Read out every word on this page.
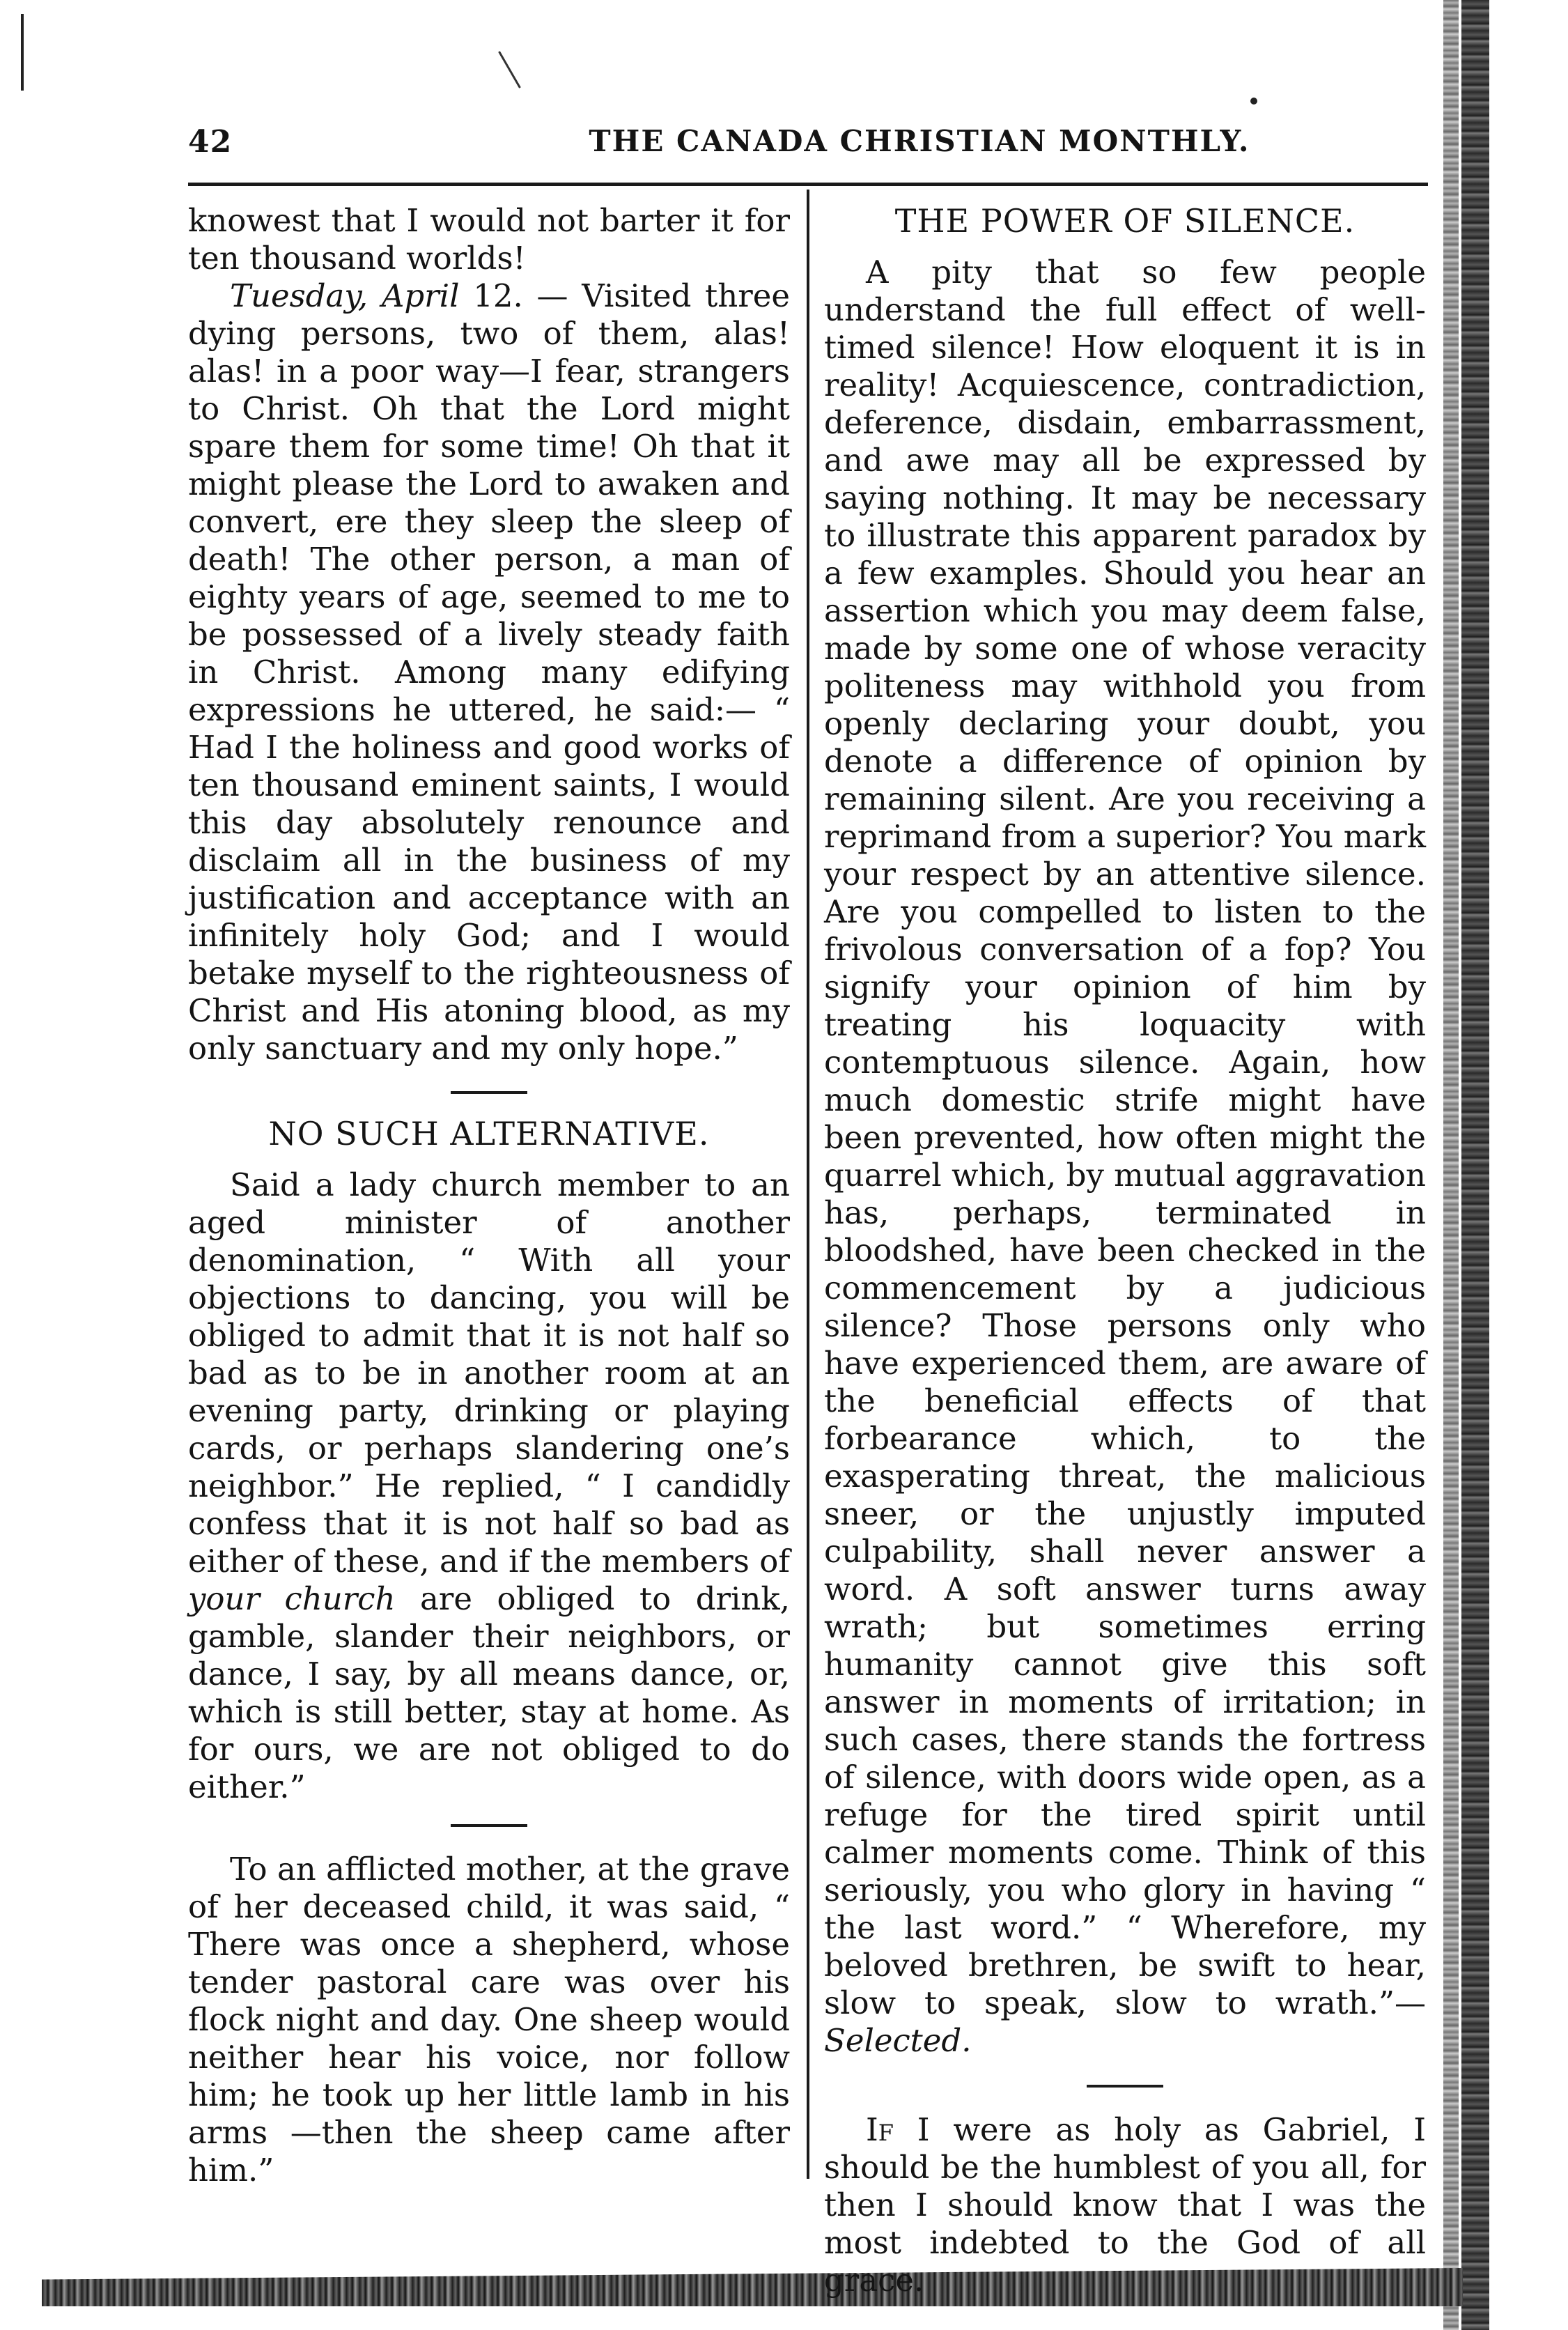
42	THE CANADA CHRISTIAN MONTHLY.

knowest that I would not barter it for ten thousand worlds!

Tuesday, April 12. — Visited three dying persons, two of them, alas! alas! in a poor way—I fear, strangers to Christ. Oh that the Lord might spare them for some time! Oh that it might please the Lord to awaken and convert, ere they sleep the sleep of death! The other person, a man of eighty years of age, seemed to me to be possessed of a lively steady faith in Christ. Among many edifying expressions he uttered, he said:— “ Had I the holiness and good works of ten thousand eminent saints, I would this day absolutely renounce and disclaim all in the business of my justification and acceptance with an infinitely holy God; and I would betake myself to the righteousness of Christ and His atoning blood, as my only sanctuary and my only hope.”

NO SUCH ALTERNATIVE.

Said a lady church member to an aged minister of another denomination, “ With all your objections to dancing, you will be obliged to admit that it is not half so bad as to be in another room at an evening party, drinking or playing cards, or perhaps slandering one’s neighbor.” He replied, “ I candidly confess that it is not half so bad as either of these, and if the members of your church are obliged to drink, gamble, slander their neighbors, or dance, I say, by all means dance, or, which is still better, stay at home. As for ours, we are not obliged to do either.”

To an afflicted mother, at the grave of her deceased child, it was said, “ There was once a shepherd, whose tender pastoral care was over his flock night and day. One sheep would neither hear his voice, nor follow him; he took up her little lamb in his arms —then the sheep came after him.”

THE POWER OF SILENCE.

A pity that so few people understand the full effect of well-timed silence! How eloquent it is in reality! Acquiescence, contradiction, deference, disdain, embarrassment, and awe may all be expressed by saying nothing. It may be necessary to illustrate this apparent paradox by a few examples. Should you hear an assertion which you may deem false, made by some one of whose veracity politeness may withhold you from openly declaring your doubt, you denote a difference of opinion by remaining silent. Are you receiving a reprimand from a superior? You mark your respect by an attentive silence. Are you compelled to listen to the frivolous conversation of a fop? You signify your opinion of him by treating his loquacity with contemptuous silence. Again, how much domestic strife might have been prevented, how often might the quarrel which, by mutual aggravation has, perhaps, terminated in bloodshed, have been checked in the commencement by a judicious silence? Those persons only who have experienced them, are aware of the beneficial effects of that forbearance which, to the exasperating threat, the malicious sneer, or the unjustly imputed culpability, shall never answer a word. A soft answer turns away wrath; but sometimes erring humanity cannot give this soft answer in moments of irritation; in such cases, there stands the fortress of silence, with doors wide open, as a refuge for the tired spirit until calmer moments come. Think of this seriously, you who glory in having “ the last word.” “ Wherefore, my beloved brethren, be swift to hear, slow to speak, slow to wrath.”—Selected.

If I were as holy as Gabriel, I should be the humblest of you all, for then I should know that I was the most indebted to the God of all grace.
